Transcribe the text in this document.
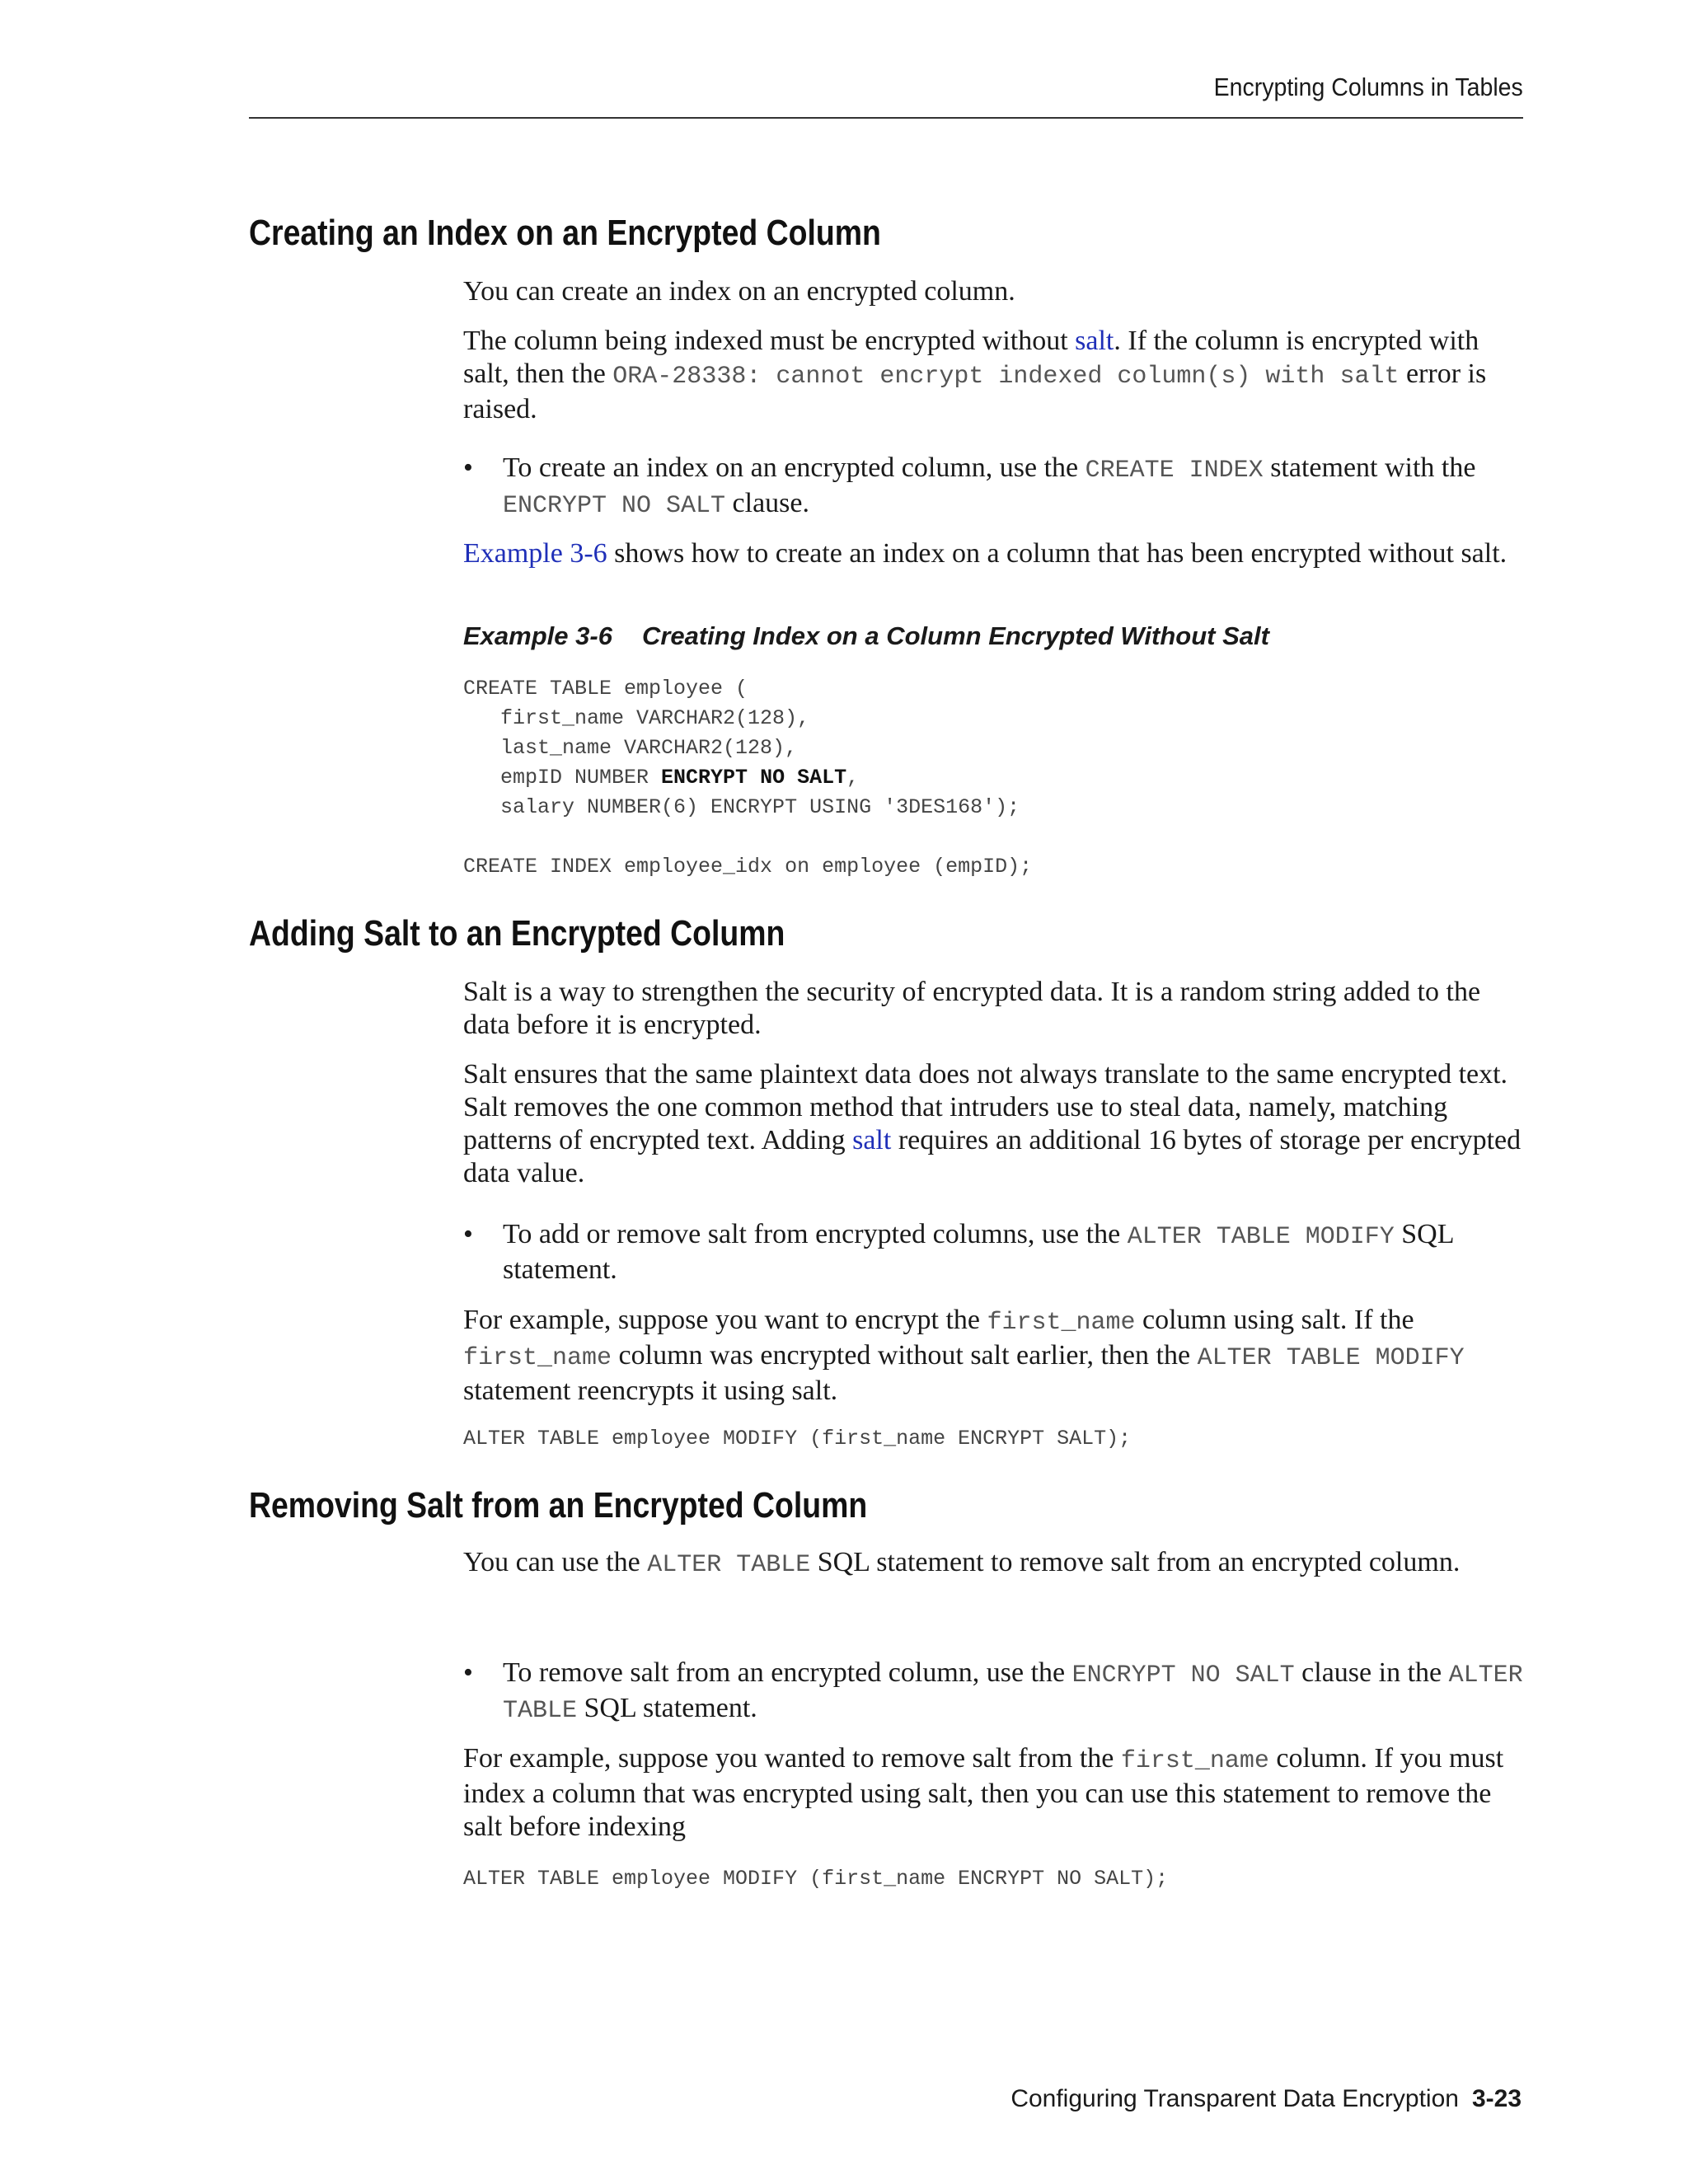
Encrypting Columns in Tables
Creating an Index on an Encrypted Column

You can create an index on an encrypted column.

The column being indexed must be encrypted without salt. If the column is encrypted with salt, then the ORA-28338: cannot encrypt indexed column(s) with salt error is raised.

•	To create an index on an encrypted column, use the CREATE INDEX statement with the ENCRYPT NO SALT clause.

Example 3-6 shows how to create an index on a column that has been encrypted without salt.

Example 3-6 Creating Index on a Column Encrypted Without Salt
CREATE TABLE employee (
first_name VARCHAR2(128),
last_name VARCHAR2(128),
empID NUMBER ENCRYPT NO SALT,
salary NUMBER(6) ENCRYPT USING '3DES168');

CREATE INDEX employee_idx on employee (empID);
Adding Salt to an Encrypted Column

Salt is a way to strengthen the security of encrypted data. It is a random string added to the data before it is encrypted.

Salt ensures that the same plaintext data does not always translate to the same encrypted text. Salt removes the one common method that intruders use to steal data, namely, matching patterns of encrypted text. Adding salt requires an additional 16 bytes of storage per encrypted data value.

•	To add or remove salt from encrypted columns, use the ALTER TABLE MODIFY SQL statement.

For example, suppose you want to encrypt the first_name column using salt. If the first_name column was encrypted without salt earlier, then the ALTER TABLE MODIFY statement reencrypts it using salt.

ALTER TABLE employee MODIFY (first_name ENCRYPT SALT);
Removing Salt from an Encrypted Column

You can use the ALTER TABLE SQL statement to remove salt from an encrypted column.

•	To remove salt from an encrypted column, use the ENCRYPT NO SALT clause in the ALTER TABLE SQL statement.

For example, suppose you wanted to remove salt from the first_name column. If you must index a column that was encrypted using salt, then you can use this statement to remove the salt before indexing

ALTER TABLE employee MODIFY (first_name ENCRYPT NO SALT);
Configuring Transparent Data Encryption 3-23
